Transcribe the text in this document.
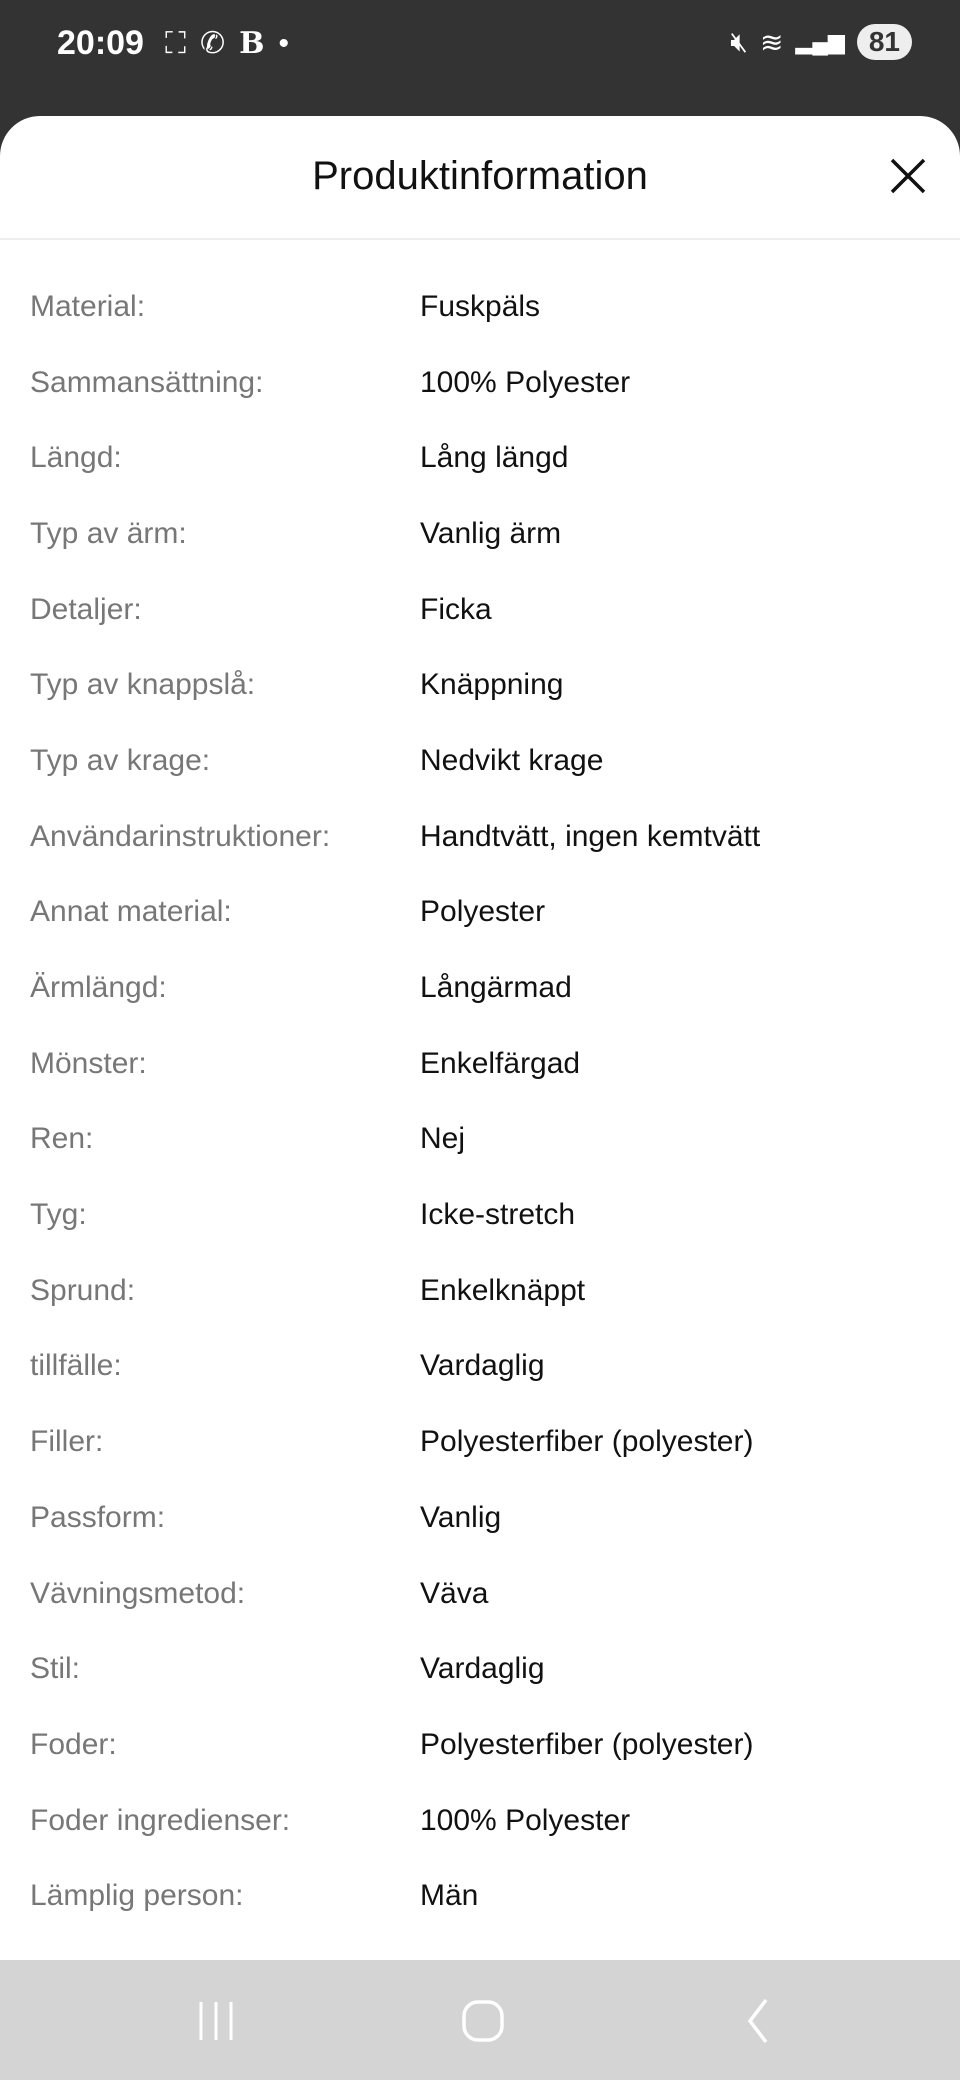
20:09 ⛶ ✆ B •	🔇︎ ≋ ▂▄▆ 81
Produktinformation
Material:	Fuskpäls
Sammansättning:	100% Polyester
Längd:	Lång längd
Typ av ärm:	Vanlig ärm
Detaljer:	Ficka
Typ av knappslå:	Knäppning
Typ av krage:	Nedvikt krage
Användarinstruktioner:	Handtvätt, ingen kemtvätt
Annat material:	Polyester
Ärmlängd:	Långärmad
Mönster:	Enkelfärgad
Ren:	Nej
Tyg:	Icke-stretch
Sprund:	Enkelknäppt
tillfälle:	Vardaglig
Filler:	Polyesterfiber (polyester)
Passform:	Vanlig
Vävningsmetod:	Väva
Stil:	Vardaglig
Foder:	Polyesterfiber (polyester)
Foder ingredienser:	100% Polyester
Lämplig person:	Män
